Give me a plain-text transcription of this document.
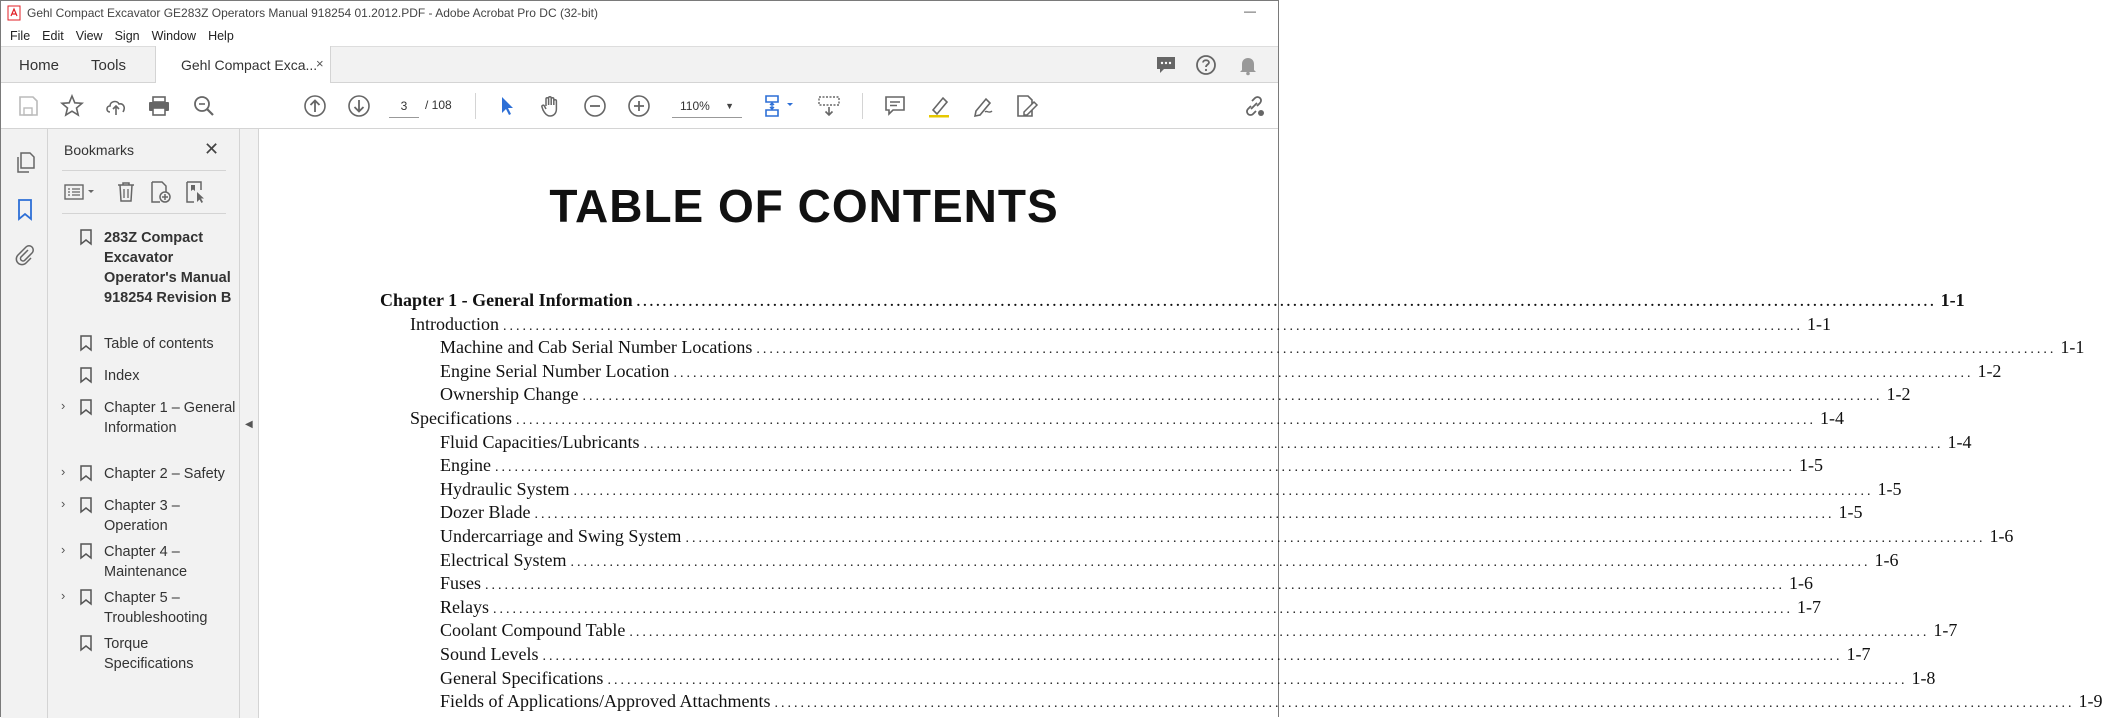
Gehl Compact Excavator GE283Z Operators Manual 918254 01.2012.PDF - Adobe Acrobat Pro DC (32-bit)	—
File Edit View Sign Window Help
Home Tools	Gehl Compact Exca...
×
3	/ 108	110% ▼
Bookmarks	✕
283Z Compact Excavator Operator's Manual 918254 Revision B
Table of contents
Index
›	Chapter 1 – General Information
›	Chapter 2 – Safety
›	Chapter 3 – Operation
›	Chapter 4 – Maintenance
›	Chapter 5 – Troubleshooting
Torque Specifications
◀
TABLE OF CONTENTS
Chapter 1 - General Information ........................................................................................................................................................................................................ 1-1
Introduction ........................................................................................................................................................................................................ 1-1
Machine and Cab Serial Number Locations ........................................................................................................................................................................................................ 1-1
Engine Serial Number Location ........................................................................................................................................................................................................ 1-2
Ownership Change ........................................................................................................................................................................................................ 1-2
Specifications ........................................................................................................................................................................................................ 1-4
Fluid Capacities/Lubricants ........................................................................................................................................................................................................ 1-4
Engine ........................................................................................................................................................................................................ 1-5
Hydraulic System ........................................................................................................................................................................................................ 1-5
Dozer Blade ........................................................................................................................................................................................................ 1-5
Undercarriage and Swing System ........................................................................................................................................................................................................ 1-6
Electrical System ........................................................................................................................................................................................................ 1-6
Fuses ........................................................................................................................................................................................................ 1-6
Relays ........................................................................................................................................................................................................ 1-7
Coolant Compound Table ........................................................................................................................................................................................................ 1-7
Sound Levels ........................................................................................................................................................................................................ 1-7
General Specifications ........................................................................................................................................................................................................ 1-8
Fields of Applications/Approved Attachments ........................................................................................................................................................................................................ 1-9
